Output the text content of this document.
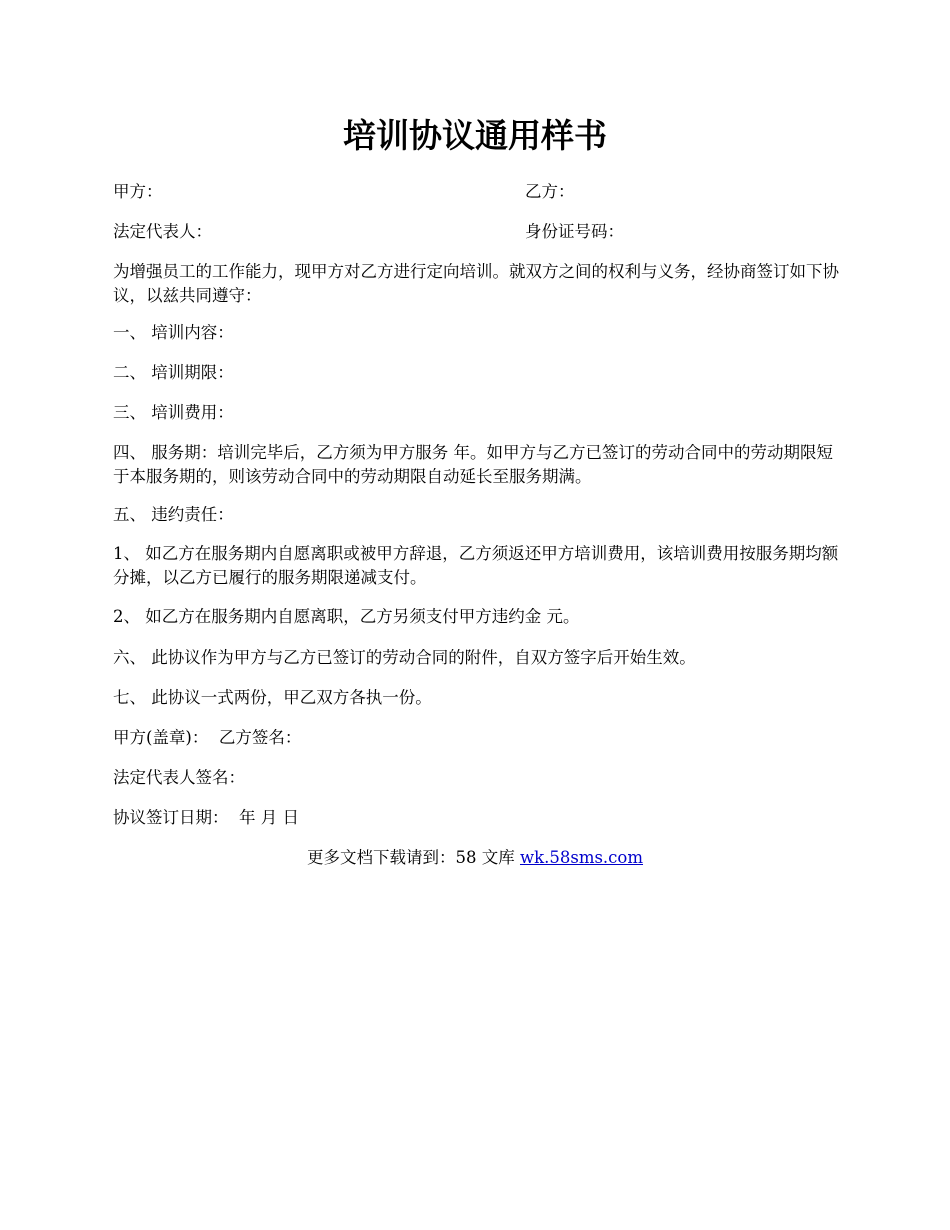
培训协议通用样书
甲方：	乙方：
法定代表人：	身份证号码：
为增强员工的工作能力，现甲方对乙方进行定向培训。就双方之间的权利与义务，经协商签订如下协议，以兹共同遵守：
一、 培训内容：
二、 培训期限：
三、 培训费用：
四、 服务期：培训完毕后，乙方须为甲方服务 年。如甲方与乙方已签订的劳动合同中的劳动期限短于本服务期的，则该劳动合同中的劳动期限自动延长至服务期满。
五、 违约责任：
1、 如乙方在服务期内自愿离职或被甲方辞退，乙方须返还甲方培训费用，该培训费用按服务期均额分摊，以乙方已履行的服务期限递减支付。
2、 如乙方在服务期内自愿离职，乙方另须支付甲方违约金 元。
六、 此协议作为甲方与乙方已签订的劳动合同的附件，自双方签字后开始生效。
七、 此协议一式两份，甲乙双方各执一份。
甲方(盖章)：  乙方签名：
法定代表人签名：
协议签订日期：  年 月 日
更多文档下载请到：58 文库 wk.58sms.com
